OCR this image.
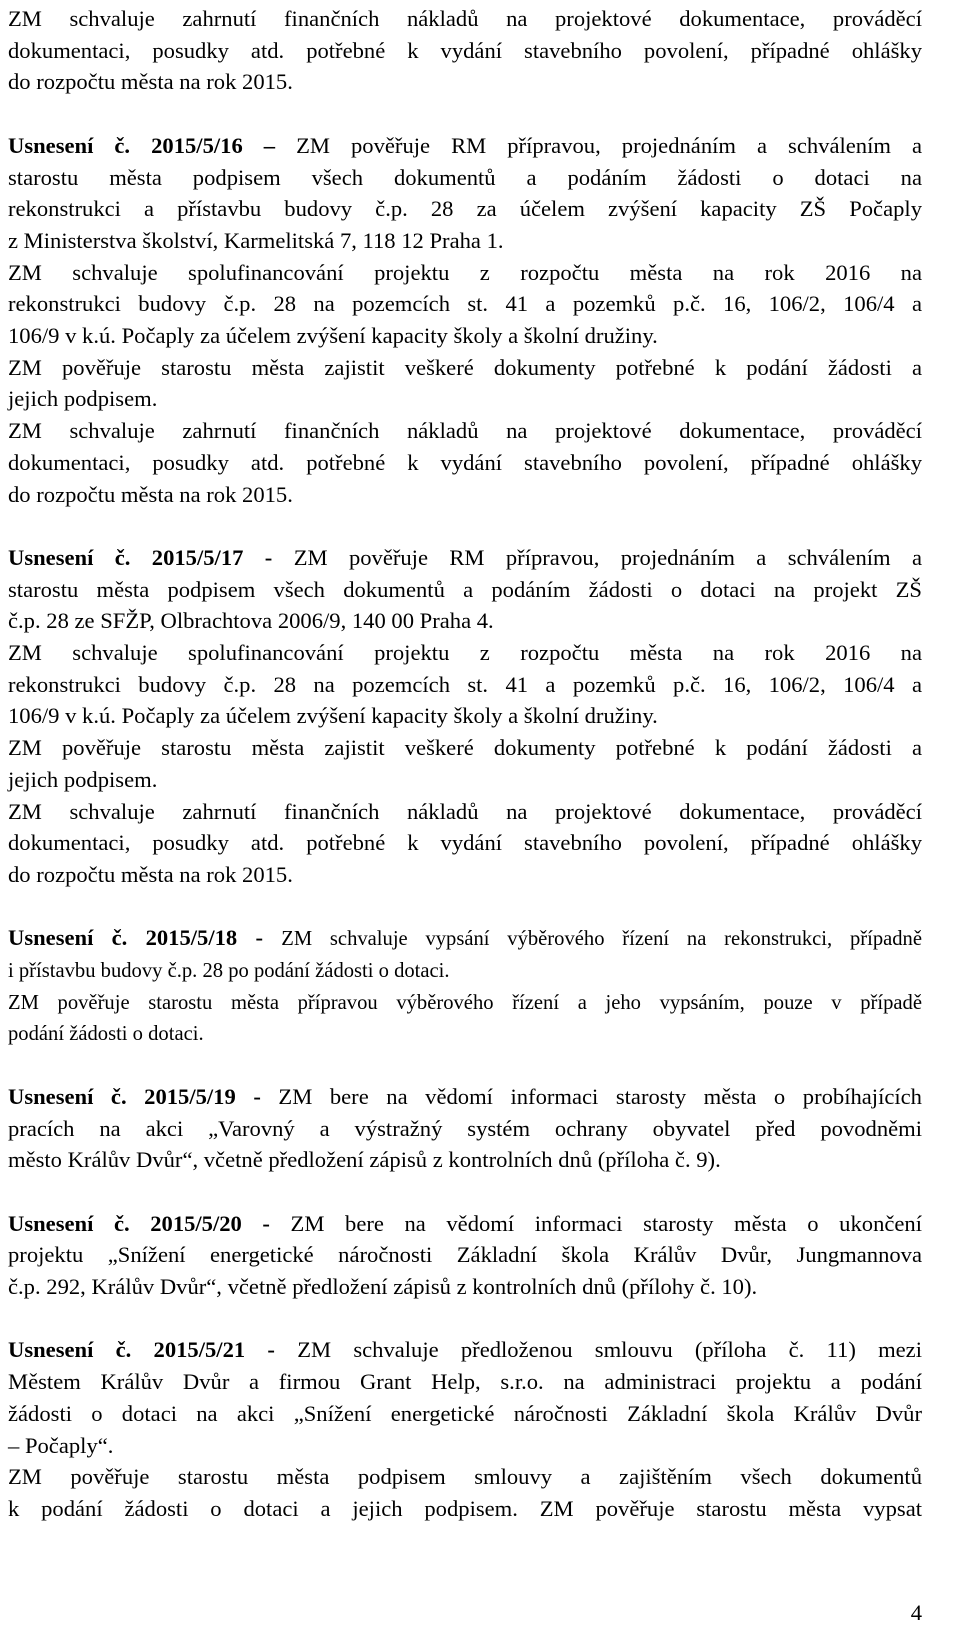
ZM schvaluje zahrnutí finančních nákladů na projektové dokumentace, prováděcí
dokumentaci, posudky atd. potřebné k vydání stavebního povolení, případné ohlášky
do rozpočtu města na rok 2015.
Usnesení č. 2015/5/16 – ZM pověřuje RM přípravou, projednáním a schválením a
starostu města podpisem všech dokumentů a podáním žádosti o dotaci na
rekonstrukci a přístavbu budovy č.p. 28 za účelem zvýšení kapacity ZŠ Počaply
z Ministerstva školství, Karmelitská 7, 118 12 Praha 1.
ZM schvaluje spolufinancování projektu z rozpočtu města na rok 2016 na
rekonstrukci budovy č.p. 28 na pozemcích st. 41 a pozemků p.č. 16, 106/2, 106/4 a
106/9 v k.ú. Počaply za účelem zvýšení kapacity školy a školní družiny.
ZM pověřuje starostu města zajistit veškeré dokumenty potřebné k podání žádosti a
jejich podpisem.
ZM schvaluje zahrnutí finančních nákladů na projektové dokumentace, prováděcí
dokumentaci, posudky atd. potřebné k vydání stavebního povolení, případné ohlášky
do rozpočtu města na rok 2015.
Usnesení č. 2015/5/17 - ZM pověřuje RM přípravou, projednáním a schválením a
starostu města podpisem všech dokumentů a podáním žádosti o dotaci na projekt ZŠ
č.p. 28 ze SFŽP, Olbrachtova 2006/9, 140 00 Praha 4.
ZM schvaluje spolufinancování projektu z rozpočtu města na rok 2016 na
rekonstrukci budovy č.p. 28 na pozemcích st. 41 a pozemků p.č. 16, 106/2, 106/4 a
106/9 v k.ú. Počaply za účelem zvýšení kapacity školy a školní družiny.
ZM pověřuje starostu města zajistit veškeré dokumenty potřebné k podání žádosti a
jejich podpisem.
ZM schvaluje zahrnutí finančních nákladů na projektové dokumentace, prováděcí
dokumentaci, posudky atd. potřebné k vydání stavebního povolení, případné ohlášky
do rozpočtu města na rok 2015.
Usnesení č. 2015/5/18 - ZM schvaluje vypsání výběrového řízení na rekonstrukci, případně
i přístavbu budovy č.p. 28 po podání žádosti o dotaci.
ZM pověřuje starostu města přípravou výběrového řízení a jeho vypsáním, pouze v případě
podání žádosti o dotaci.
Usnesení č. 2015/5/19 - ZM bere na vědomí informaci starosty města o probíhajících
pracích na akci „Varovný a výstražný systém ochrany obyvatel před povodněmi
město Králův Dvůr“, včetně předložení zápisů z kontrolních dnů (příloha č. 9).
Usnesení č. 2015/5/20 - ZM bere na vědomí informaci starosty města o ukončení
projektu „Snížení energetické náročnosti Základní škola Králův Dvůr, Jungmannova
č.p. 292, Králův Dvůr“, včetně předložení zápisů z kontrolních dnů (přílohy č. 10).
Usnesení č. 2015/5/21 - ZM schvaluje předloženou smlouvu (příloha č. 11) mezi
Městem Králův Dvůr a firmou Grant Help, s.r.o. na administraci projektu a podání
žádosti o dotaci na akci „Snížení energetické náročnosti Základní škola Králův Dvůr
– Počaply“.
ZM pověřuje starostu města podpisem smlouvy a zajištěním všech dokumentů
k podání žádosti o dotaci a jejich podpisem. ZM pověřuje starostu města vypsat
4
